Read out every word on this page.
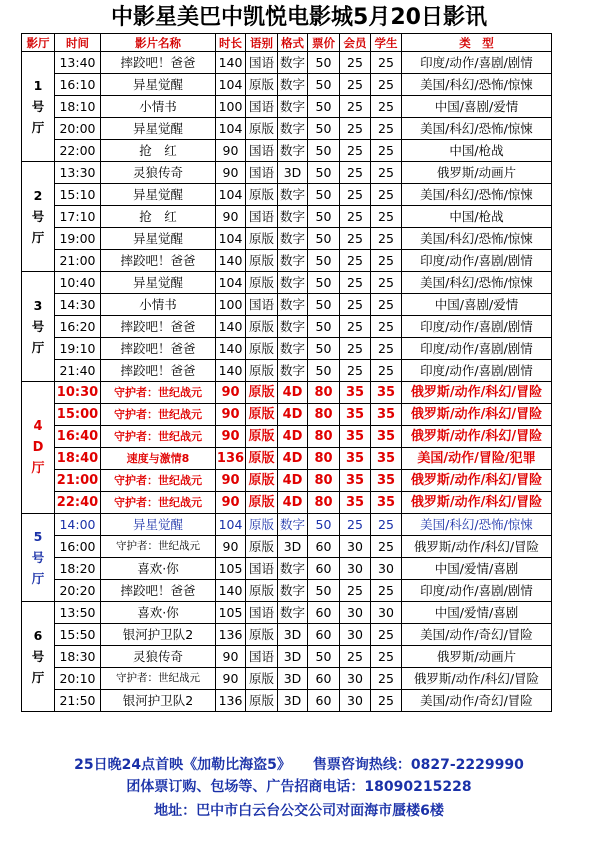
中影星美巴中凯悦电影城5月20日影讯
影厅	时间	影片名称	时长	语别	格式	票价	会员	学生	类　型

1
号
厅	13:40	摔跤吧！爸爸	140	国语	数字	50	25	25	印度/动作/喜剧/剧情
	16:10	异星觉醒	104	原版	数字	50	25	25	美国/科幻/恐怖/惊悚
	18:10	小情书	100	国语	数字	50	25	25	中国/喜剧/爱情
	20:00	异星觉醒	104	原版	数字	50	25	25	美国/科幻/恐怖/惊悚
	22:00	抢　红	90	国语	数字	50	25	25	中国/枪战

2
号
厅	13:30	灵狼传奇	90	国语	3D	50	25	25	俄罗斯/动画片
	15:10	异星觉醒	104	原版	数字	50	25	25	美国/科幻/恐怖/惊悚
	17:10	抢　红	90	国语	数字	50	25	25	中国/枪战
	19:00	异星觉醒	104	原版	数字	50	25	25	美国/科幻/恐怖/惊悚
	21:00	摔跤吧！爸爸	140	原版	数字	50	25	25	印度/动作/喜剧/剧情

3
号
厅	10:40	异星觉醒	104	原版	数字	50	25	25	美国/科幻/恐怖/惊悚
	14:30	小情书	100	国语	数字	50	25	25	中国/喜剧/爱情
	16:20	摔跤吧！爸爸	140	原版	数字	50	25	25	印度/动作/喜剧/剧情
	19:10	摔跤吧！爸爸	140	原版	数字	50	25	25	印度/动作/喜剧/剧情
	21:40	摔跤吧！爸爸	140	原版	数字	50	25	25	印度/动作/喜剧/剧情

4
D
厅	10:30	守护者：世纪战元	90	原版	4D	80	35	35	俄罗斯/动作/科幻/冒险
	15:00	守护者：世纪战元	90	原版	4D	80	35	35	俄罗斯/动作/科幻/冒险
	16:40	守护者：世纪战元	90	原版	4D	80	35	35	俄罗斯/动作/科幻/冒险
	18:40	速度与激情8	136	原版	4D	80	35	35	美国/动作/冒险/犯罪
	21:00	守护者：世纪战元	90	原版	4D	80	35	35	俄罗斯/动作/科幻/冒险
	22:40	守护者：世纪战元	90	原版	4D	80	35	35	俄罗斯/动作/科幻/冒险

5
号
厅	14:00	异星觉醒	104	原版	数字	50	25	25	美国/科幻/恐怖/惊悚
	16:00	守护者：世纪战元	90	原版	3D	60	30	25	俄罗斯/动作/科幻/冒险
	18:20	喜欢·你	105	国语	数字	60	30	30	中国/爱情/喜剧
	20:20	摔跤吧！爸爸	140	原版	数字	50	25	25	印度/动作/喜剧/剧情

6
号
厅	13:50	喜欢·你	105	国语	数字	60	30	30	中国/爱情/喜剧
	15:50	银河护卫队2	136	原版	3D	60	30	25	美国/动作/奇幻/冒险
	18:30	灵狼传奇	90	国语	3D	50	25	25	俄罗斯/动画片
	20:10	守护者：世纪战元	90	原版	3D	60	30	25	俄罗斯/动作/科幻/冒险
	21:50	银河护卫队2	136	原版	3D	60	30	25	美国/动作/奇幻/冒险
25日晚24点首映《加勒比海盗5》 售票咨询热线：0827-2229990
团体票订购、包场等、广告招商电话：18090215228
地址：巴中市白云台公交公司对面海市蜃楼6楼
